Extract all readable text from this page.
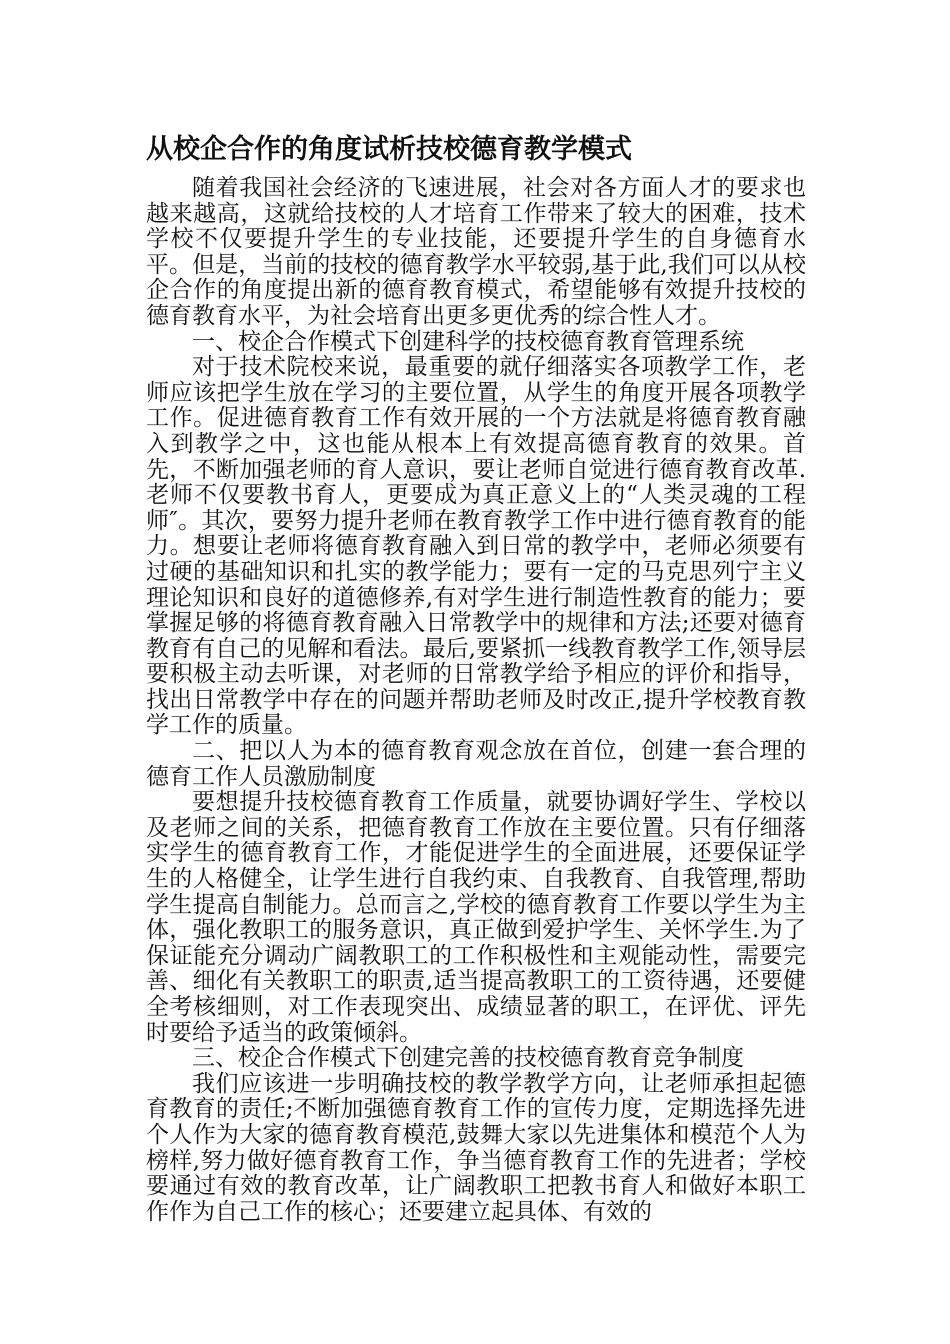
从校企合作的角度试析技校德育教学模式

随着我国社会经济的飞速进展，社会对各方面人才的要求也越来越高，这就给技校的人才培育工作带来了较大的困难，技术学校不仅要提升学生的专业技能，还要提升学生的自身德育水平。但是，当前的技校的德育教学水平较弱,基于此,我们可以从校企合作的角度提出新的德育教育模式，希望能够有效提升技校的德育教育水平，为社会培育出更多更优秀的综合性人才。

一、校企合作模式下创建科学的技校德育教育管理系统

对于技术院校来说，最重要的就仔细落实各项教学工作，老师应该把学生放在学习的主要位置，从学生的角度开展各项教学工作。促进德育教育工作有效开展的一个方法就是将德育教育融入到教学之中，这也能从根本上有效提高德育教育的效果。首先，不断加强老师的育人意识，要让老师自觉进行德育教育改革.老师不仅要教书育人，更要成为真正意义上的“人类灵魂的工程师″。其次，要努力提升老师在教育教学工作中进行德育教育的能力。想要让老师将德育教育融入到日常的教学中，老师必须要有过硬的基础知识和扎实的教学能力；要有一定的马克思列宁主义理论知识和良好的道德修养,有对学生进行制造性教育的能力；要掌握足够的将德育教育融入日常教学中的规律和方法;还要对德育教育有自己的见解和看法。最后,要紧抓一线教育教学工作,领导层要积极主动去听课，对老师的日常教学给予相应的评价和指导，找出日常教学中存在的问题并帮助老师及时改正,提升学校教育教学工作的质量。

二、把以人为本的德育教育观念放在首位，创建一套合理的德育工作人员激励制度

要想提升技校德育教育工作质量，就要协调好学生、学校以及老师之间的关系，把德育教育工作放在主要位置。只有仔细落实学生的德育教育工作，才能促进学生的全面进展，还要保证学生的人格健全，让学生进行自我约束、自我教育、自我管理,帮助学生提高自制能力。总而言之,学校的德育教育工作要以学生为主体，强化教职工的服务意识，真正做到爱护学生、关怀学生.为了保证能充分调动广阔教职工的工作积极性和主观能动性，需要完善、细化有关教职工的职责,适当提高教职工的工资待遇，还要健全考核细则，对工作表现突出、成绩显著的职工，在评优、评先时要给予适当的政策倾斜。

三、校企合作模式下创建完善的技校德育教育竞争制度

我们应该进一步明确技校的教学教学方向，让老师承担起德育教育的责任;不断加强德育教育工作的宣传力度，定期选择先进个人作为大家的德育教育模范,鼓舞大家以先进集体和模范个人为榜样,努力做好德育教育工作，争当德育教育工作的先进者；学校要通过有效的教育改革，让广阔教职工把教书育人和做好本职工作作为自己工作的核心；还要建立起具体、有效的
